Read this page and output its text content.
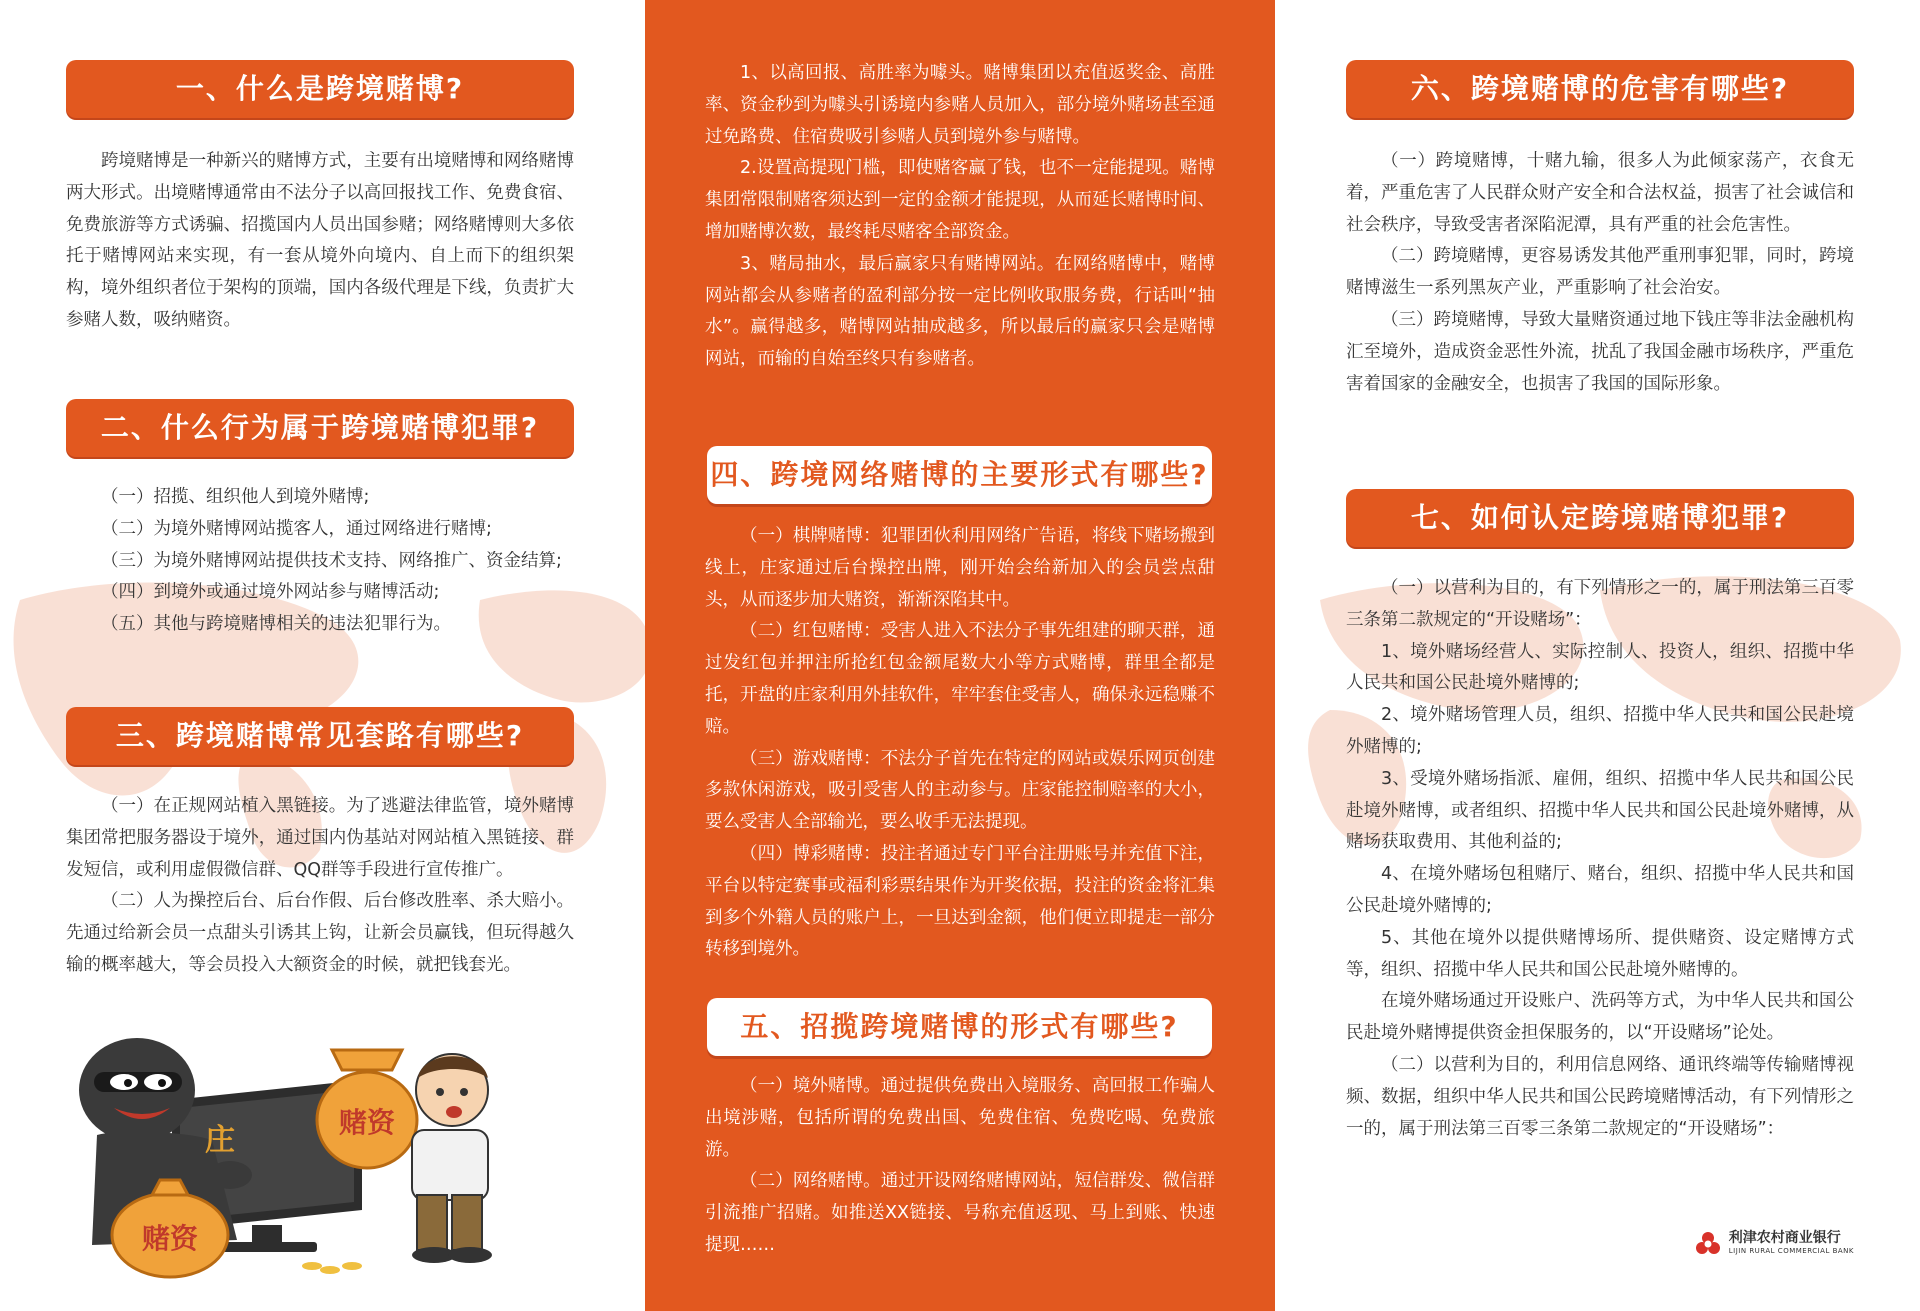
一、什么是跨境赌博?

跨境赌博是一种新兴的赌博方式，主要有出境赌博和网络赌博两大形式。出境赌博通常由不法分子以高回报找工作、免费食宿、免费旅游等方式诱骗、招揽国内人员出国参赌；网络赌博则大多依托于赌博网站来实现，有一套从境外向境内、自上而下的组织架构，境外组织者位于架构的顶端，国内各级代理是下线，负责扩大参赌人数，吸纳赌资。

二、什么行为属于跨境赌博犯罪?

（一）招揽、组织他人到境外赌博;

（二）为境外赌博网站揽客人，通过网络进行赌博;

（三）为境外赌博网站提供技术支持、网络推广、资金结算;

（四）到境外或通过境外网站参与赌博活动;

（五）其他与跨境赌博相关的违法犯罪行为。

三、跨境赌博常见套路有哪些?

（一）在正规网站植入黑链接。为了逃避法律监管，境外赌博集团常把服务器设于境外，通过国内伪基站对网站植入黑链接、群发短信，或利用虚假微信群、QQ群等手段进行宣传推广。

（二）人为操控后台、后台作假、后台修改胜率、杀大赔小。先通过给新会员一点甜头引诱其上钩，让新会员赢钱，但玩得越久输的概率越大，等会员投入大额资金的时候，就把钱套光。

赌资
庄
赌资

1、以高回报、高胜率为噱头。赌博集团以充值返奖金、高胜率、资金秒到为噱头引诱境内参赌人员加入，部分境外赌场甚至通过免路费、住宿费吸引参赌人员到境外参与赌博。

2.设置高提现门槛，即使赌客赢了钱，也不一定能提现。赌博集团常限制赌客须达到一定的金额才能提现，从而延长赌博时间、增加赌博次数，最终耗尽赌客全部资金。

3、赌局抽水，最后赢家只有赌博网站。在网络赌博中，赌博网站都会从参赌者的盈利部分按一定比例收取服务费，行话叫“抽水”。赢得越多，赌博网站抽成越多，所以最后的赢家只会是赌博网站，而输的自始至终只有参赌者。

四、跨境网络赌博的主要形式有哪些?

（一）棋牌赌博：犯罪团伙利用网络广告语，将线下赌场搬到线上，庄家通过后台操控出牌，刚开始会给新加入的会员尝点甜头，从而逐步加大赌资，渐渐深陷其中。

（二）红包赌博：受害人进入不法分子事先组建的聊天群，通过发红包并押注所抢红包金额尾数大小等方式赌博，群里全都是托，开盘的庄家利用外挂软件，牢牢套住受害人，确保永远稳赚不赔。

（三）游戏赌博：不法分子首先在特定的网站或娱乐网页创建多款休闲游戏，吸引受害人的主动参与。庄家能控制赔率的大小，要么受害人全部输光，要么收手无法提现。

（四）博彩赌博：投注者通过专门平台注册账号并充值下注，平台以特定赛事或福利彩票结果作为开奖依据，投注的资金将汇集到多个外籍人员的账户上，一旦达到金额，他们便立即提走一部分转移到境外。

五、招揽跨境赌博的形式有哪些?

（一）境外赌博。通过提供免费出入境服务、高回报工作骗人出境涉赌，包括所谓的免费出国、免费住宿、免费吃喝、免费旅游。

（二）网络赌博。通过开设网络赌博网站，短信群发、微信群引流推广招赌。如推送XX链接、号称充值返现、马上到账、快速提现……

六、跨境赌博的危害有哪些?

（一）跨境赌博，十赌九输，很多人为此倾家荡产，衣食无着，严重危害了人民群众财产安全和合法权益，损害了社会诚信和社会秩序，导致受害者深陷泥潭，具有严重的社会危害性。

（二）跨境赌博，更容易诱发其他严重刑事犯罪，同时，跨境赌博滋生一系列黑灰产业，严重影响了社会治安。

（三）跨境赌博，导致大量赌资通过地下钱庄等非法金融机构汇至境外，造成资金恶性外流，扰乱了我国金融市场秩序，严重危害着国家的金融安全，也损害了我国的国际形象。

七、如何认定跨境赌博犯罪?

（一）以营利为目的，有下列情形之一的，属于刑法第三百零三条第二款规定的“开设赌场”：

1、境外赌场经营人、实际控制人、投资人，组织、招揽中华人民共和国公民赴境外赌博的;

2、境外赌场管理人员，组织、招揽中华人民共和国公民赴境外赌博的;

3、受境外赌场指派、雇佣，组织、招揽中华人民共和国公民赴境外赌博，或者组织、招揽中华人民共和国公民赴境外赌博，从赌场获取费用、其他利益的;

4、在境外赌场包租赌厅、赌台，组织、招揽中华人民共和国公民赴境外赌博的;

5、其他在境外以提供赌博场所、提供赌资、设定赌博方式等，组织、招揽中华人民共和国公民赴境外赌博的。

在境外赌场通过开设账户、洗码等方式，为中华人民共和国公民赴境外赌博提供资金担保服务的，以“开设赌场”论处。

（二）以营利为目的，利用信息网络、通讯终端等传输赌博视频、数据，组织中华人民共和国公民跨境赌博活动，有下列情形之一的，属于刑法第三百零三条第二款规定的“开设赌场”：

利津农村商业银行
LIJIN RURAL COMMERCIAL BANK
